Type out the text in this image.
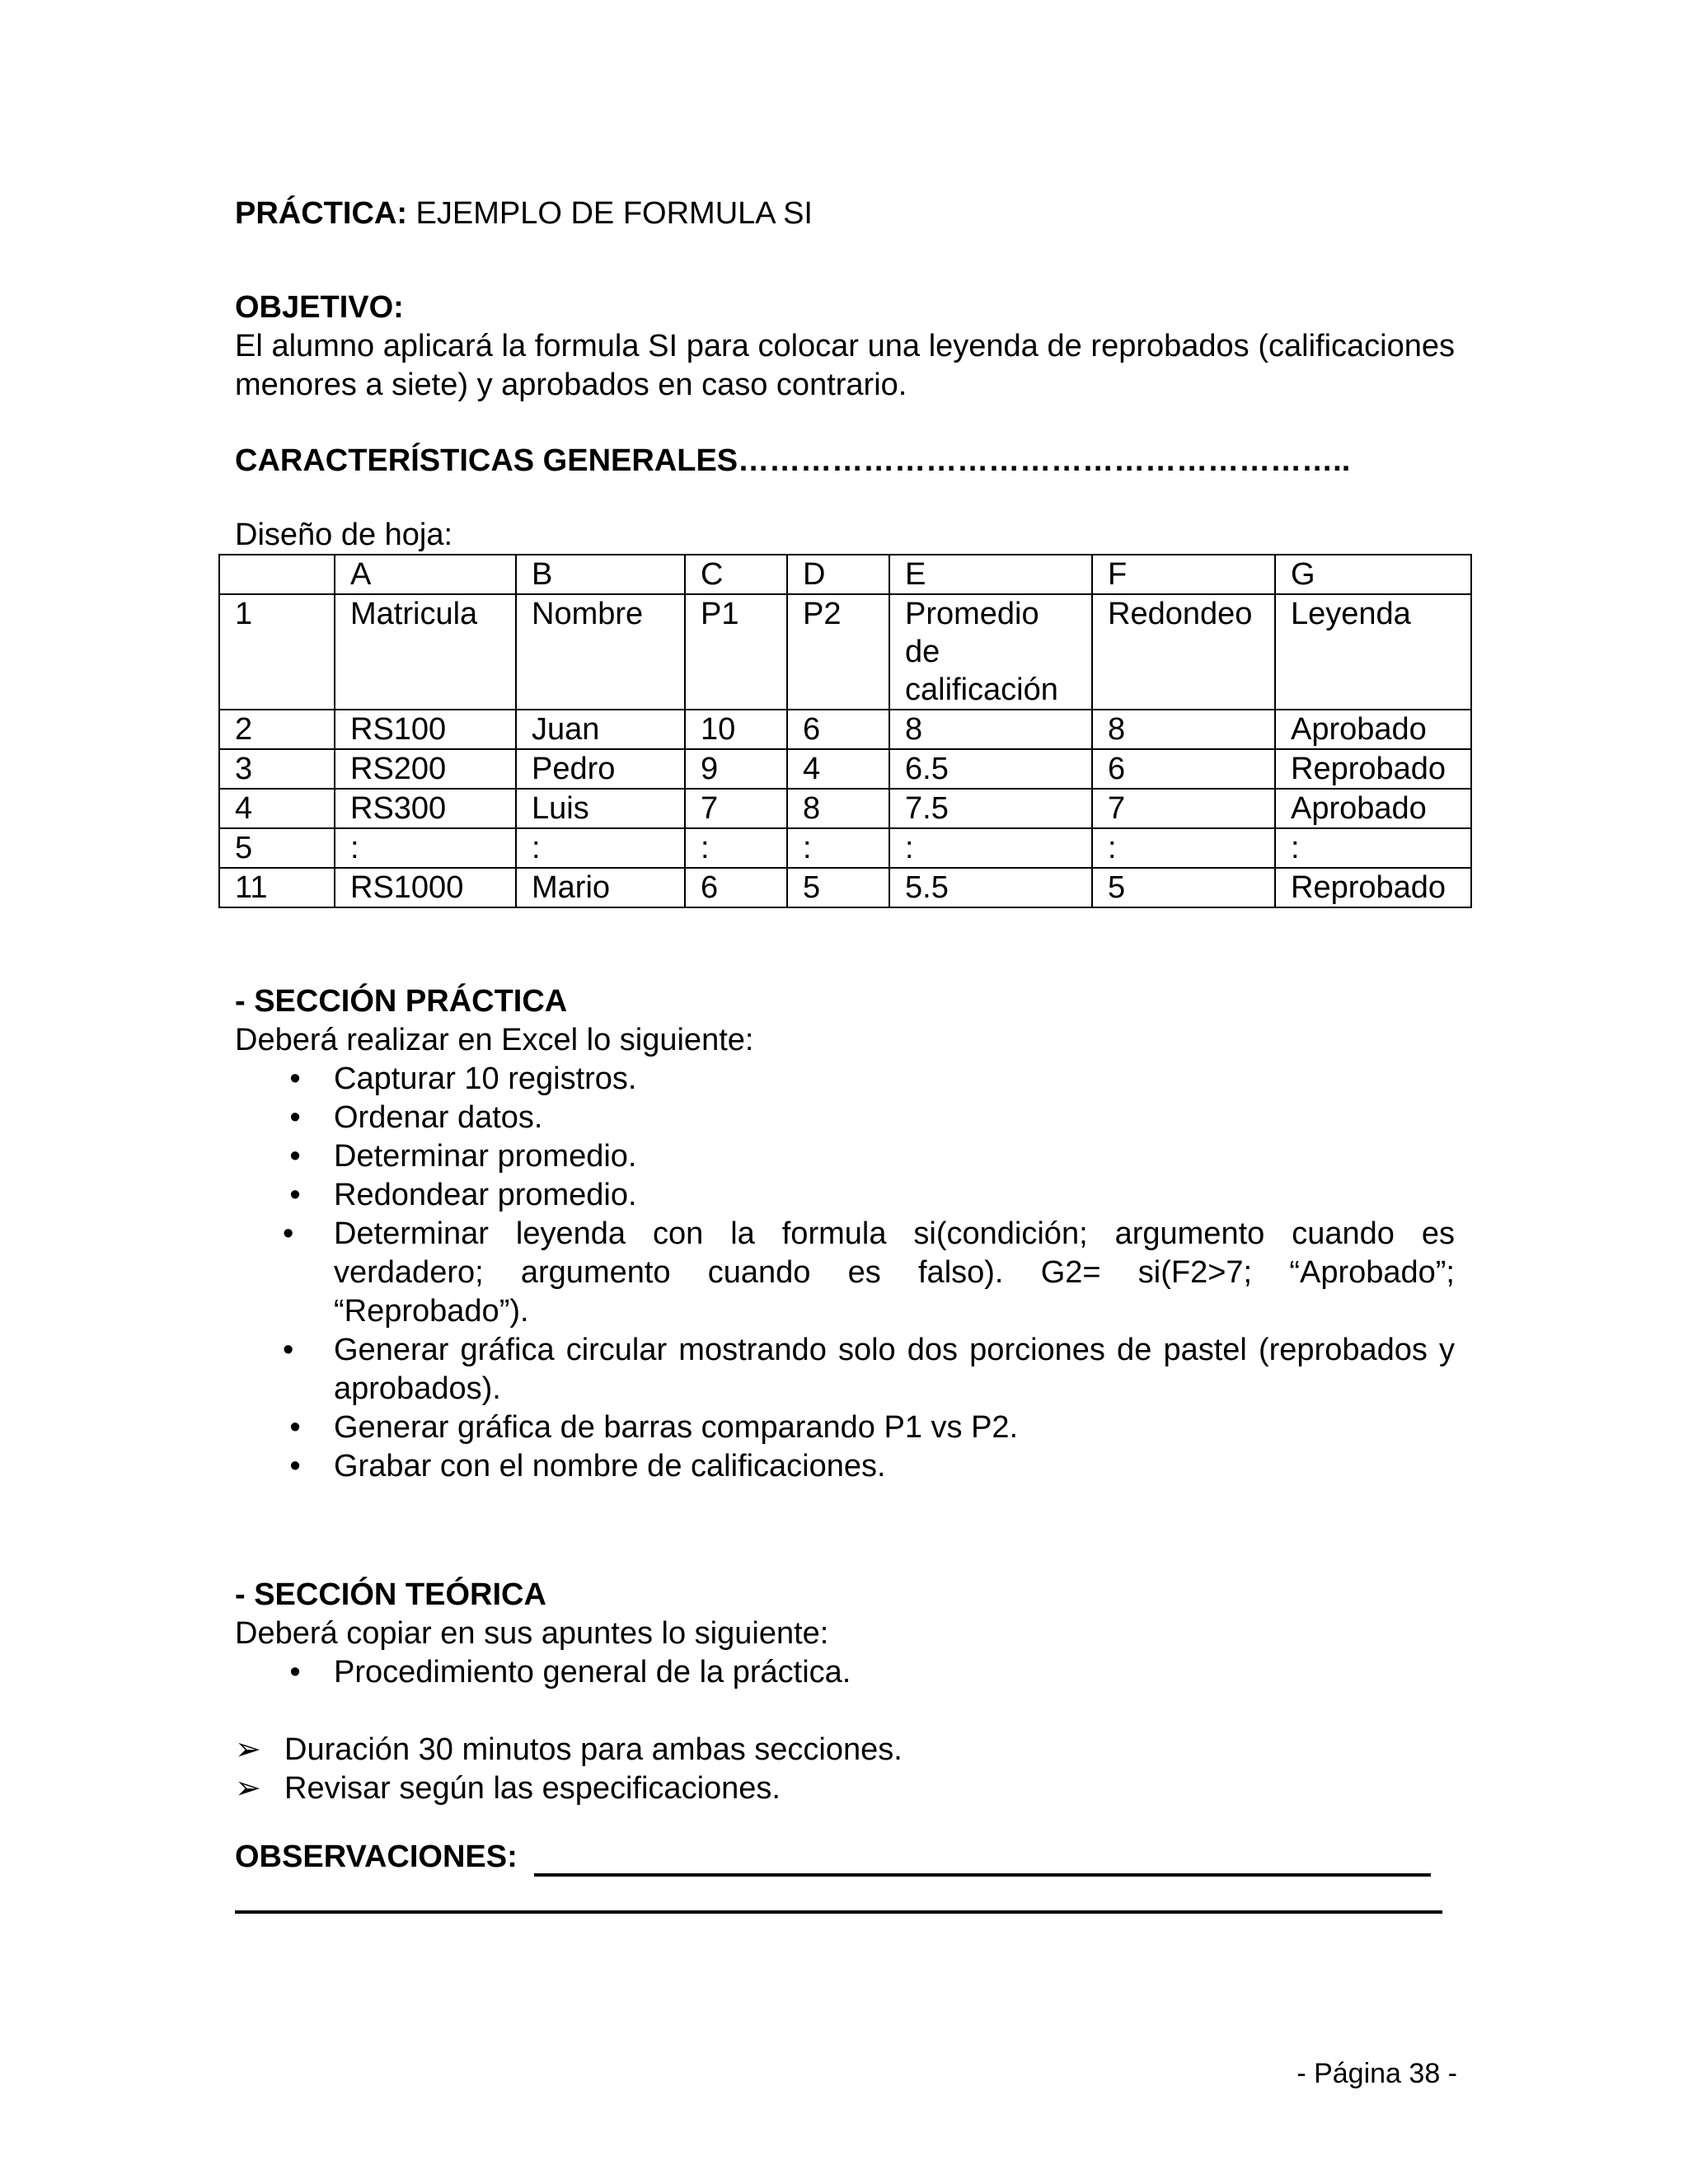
PRÁCTICA: EJEMPLO DE FORMULA SI
OBJETIVO:
El alumno aplicará la formula SI para colocar una leyenda de reprobados (calificaciones menores a siete) y aprobados en caso contrario.
CARACTERÍSTICAS GENERALES…………………………………………………..
Diseño de hoja:
	A	B	C	D	E	F	G
1	Matricula	Nombre	P1	P2	Promedio de calificación	Redondeo	Leyenda
2	RS100	Juan	10	6	8	8	Aprobado
3	RS200	Pedro	9	4	6.5	6	Reprobado
4	RS300	Luis	7	8	7.5	7	Aprobado
5	:	:	:	:	:	:	:
11	RS1000	Mario	6	5	5.5	5	Reprobado
- SECCIÓN PRÁCTICA
Deberá realizar en Excel lo siguiente:
• Capturar 10 registros.
• Ordenar datos.
• Determinar promedio.
• Redondear promedio.
•	Determinar leyenda con la formula si(condición; argumento cuando es verdadero; argumento cuando es falso). G2= si(F2>7; “Aprobado”; “Reprobado”).
•	Generar gráfica circular mostrando solo dos porciones de pastel (reprobados y aprobados).
• Generar gráfica de barras comparando P1 vs P2.
• Grabar con el nombre de calificaciones.
- SECCIÓN TEÓRICA
Deberá copiar en sus apuntes lo siguiente:
• Procedimiento general de la práctica.
➢ Duración 30 minutos para ambas secciones.
➢ Revisar según las especificaciones.
OBSERVACIONES:
- Página 38 -
